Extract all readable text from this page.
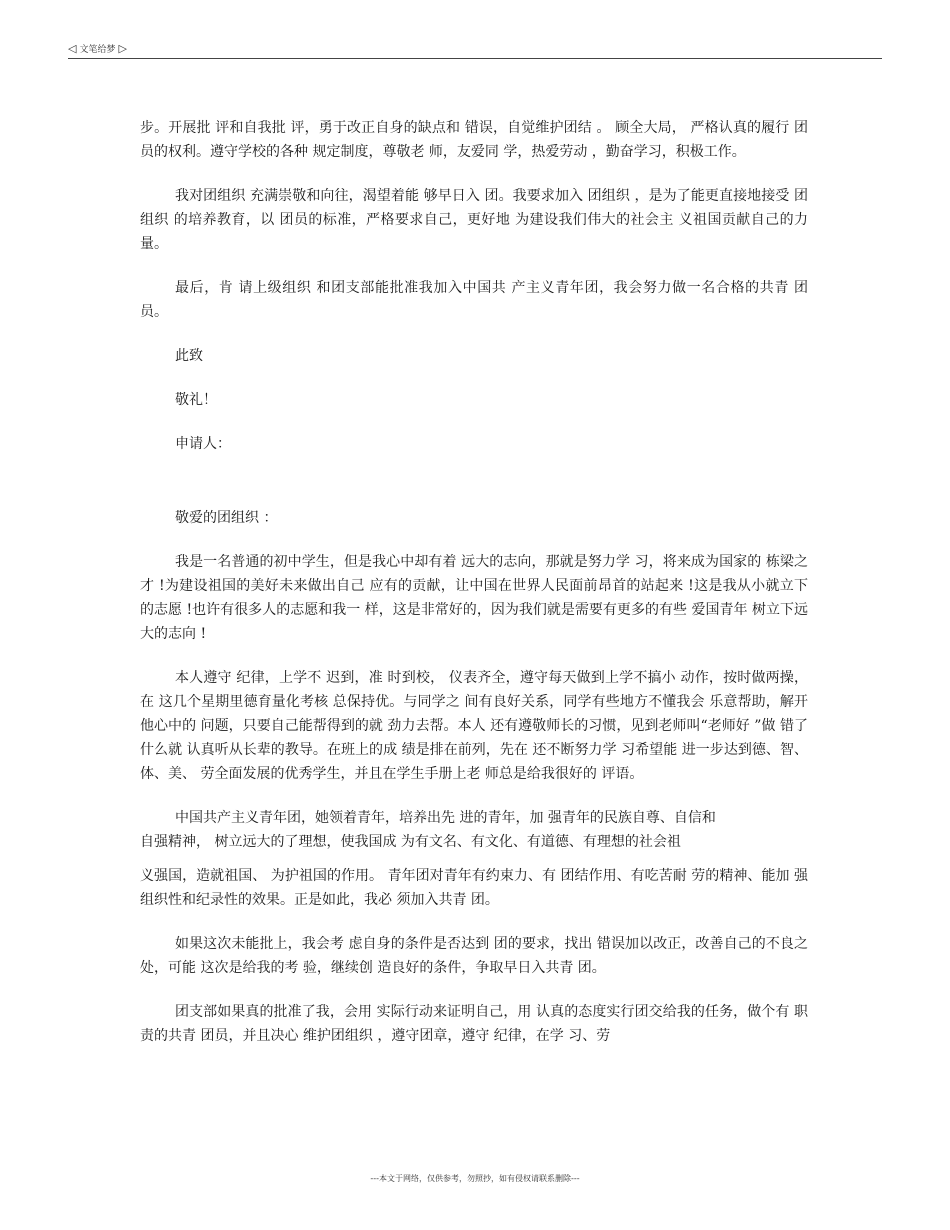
◁ 文笔给梦 ▷

步。开展批 评和自我批 评，勇于改正自身的缺点和 错误，自觉维护团结 。 顾全大局， 严格认真的履行 团员的权利。遵守学校的各种 规定制度，尊敬老 师，友爱同 学，热爱劳动 ，勤奋学习，积极工作。

我对团组织 充满崇敬和向往，渴望着能 够早日入 团。我要求加入 团组织 ，是为了能更直接地接受 团组织 的培养教育，以 团员的标准，严格要求自己，更好地 为建设我们伟大的社会主 义祖国贡献自己的力量。

最后，肯 请上级组织 和团支部能批准我加入中国共 产主义青年团，我会努力做一名合格的共青 团员。

此致

敬礼！

申请人：

敬爱的团组织 ：

我是一名普通的初中学生，但是我心中却有着 远大的志向，那就是努力学 习，将来成为国家的 栋梁之才 !为建设祖国的美好未来做出自己 应有的贡献，让中国在世界人民面前昂首的站起来 !这是我从小就立下的志愿 !也许有很多人的志愿和我一 样，这是非常好的，因为我们就是需要有更多的有些 爱国青年 树立下远大的志向 !

本人遵守 纪律，上学不 迟到，准 时到校， 仪表齐全，遵守每天做到上学不搞小 动作，按时做两操，在 这几个星期里德育量化考核 总保持优。与同学之 间有良好关系，同学有些地方不懂我会 乐意帮助，解开他心中的 问题，只要自己能帮得到的就 劲力去帮。本人 还有遵敬师长的习惯，见到老师叫“老师好 ”做 错了什么就 认真听从长辈的教导。在班上的成 绩是排在前列，先在 还不断努力学 习希望能 进一步达到德、智、体、美、 劳全面发展的优秀学生，并且在学生手册上老 师总是给我很好的 评语。

中国共产主义青年团，她领着青年，培养出先 进的青年，加 强青年的民族自尊、自信和

自强精神， 树立远大的了理想，使我国成 为有文名、有文化、有道德、有理想的社会祖

义强国，造就祖国、 为护祖国的作用。 青年团对青年有约束力、有 团结作用、有吃苦耐 劳的精神、能加 强组织性和纪录性的效果。正是如此，我必 须加入共青 团。

如果这次未能批上，我会考 虑自身的条件是否达到 团的要求，找出 错误加以改正，改善自己的不良之 处，可能 这次是给我的考 验，继续创 造良好的条件，争取早日入共青 团。

团支部如果真的批准了我，会用 实际行动来证明自己，用 认真的态度实行团交给我的任务，做个有 职责的共青 团员，并且决心 维护团组织 ，遵守团章，遵守 纪律，在学 习、劳

---本文于网络，仅供参考，勿照抄，如有侵权请联系删除---
